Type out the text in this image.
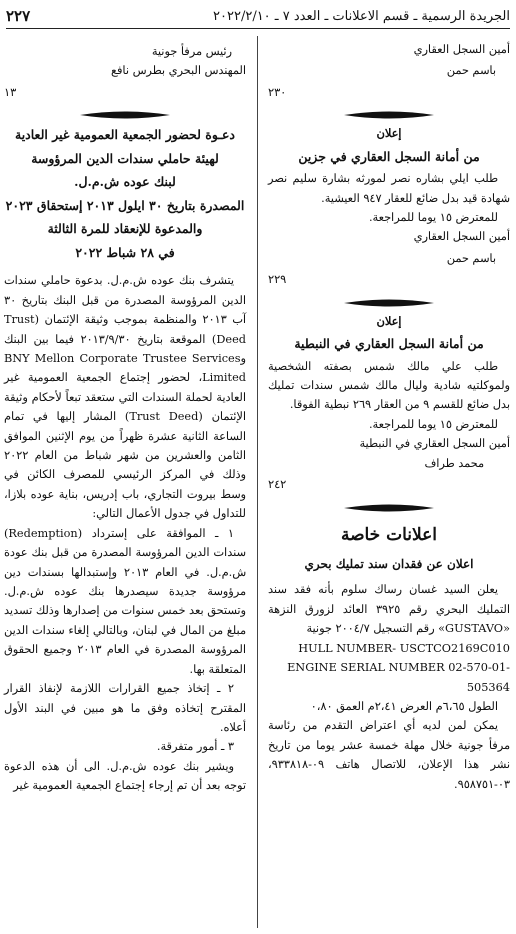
الجريدة الرسمية ـ قسم الاعلانات ـ العدد ٧ ـ ٢٠٢٢/٢/١٠
٢٢٧

أمين السجل العقاري

باسم حمن

٢٣٠

إعلان

من أمانة السجل العقاري في جزين

طلب ايلي بشاره نصر لمورثه بشارة سليم نصر شهادة قيد بدل ضائع للعقار ٩٤٧ العيشية.

للمعترض ١٥ يوما للمراجعة.

أمين السجل العقاري

باسم حمن

٢٢٩

إعلان

من أمانة السجل العقاري في النبطية

طلب علي مالك شمس بصفته الشخصية ولموكلتيه شادية وليال مالك شمس سندات تمليك بدل ضائع للقسم ٩ من العقار ٢٦٩ نبطية الفوقا.

للمعترض ١٥ يوما للمراجعة.

أمين السجل العقاري في النبطية

محمد طراف

٢٤٢

اعلانات خاصة

اعلان عن فقدان سند تمليك بحري

يعلن السيد غسان رساك سلوم بأنه فقد سند التمليك البحري رقم ٣٩٢٥ العائد لزورق النزهة «GUSTAVO» رقم التسجيل ٢٠٠٤/٧ جونية

HULL NUMBER- USCTCO2169C010

ENGINE SERIAL NUMBER 02-570-01-505364

الطول ٦،٦٥م العرض ٢،٤١م العمق ٠،٨٠

يمكن لمن لديه أي اعتراض التقدم من رئاسة مرفأ جونية خلال مهلة خمسة عشر يوما من تاريخ نشر هذا الإعلان، للاتصال هاتف ٠٩-٩٣٣٨١٨، ٠٣-٩٥٨٧٥١.

رئيس مرفأ جونية

المهندس البحري بطرس نافع

١٣

دعـوة لحضور الجمعية العمومية غير العادية

لهيئة حاملي سندات الدين المرؤوسة

لبنك عوده ش.م.ل.

المصدرة بتاريخ ٣٠ ايلول ٢٠١٣ إستحقاق ٢٠٢٣

والمدعوة للإنعقاد للمرة الثالثة

في ٢٨ شباط ٢٠٢٢

يتشرف بنك عوده ش.م.ل. بدعوة حاملي سندات الدين المرؤوسة المصدرة من قبل البنك بتاريخ ٣٠ آب ٢٠١٣ والمنظمة بموجب وثيقة الإئتمان (Trust Deed) الموقعة بتاريخ ٢٠١٣/٩/٣٠ فيما بين البنك وBNY Mellon Corporate Trustee Services Limited، لحضور إجتماع الجمعية العمومية غير العادية لحملة السندات التي ستعقد تبعاً لأحكام وثيقة الإئتمان (Trust Deed) المشار إليها في تمام الساعة الثانية عشرة ظهراً من يوم الإثنين الموافق الثامن والعشرين من شهر شباط من العام ٢٠٢٢ وذلك في المركز الرئيسي للمصرف الكائن في وسط بيروت التجاري، باب إدريس، بناية عوده بلازا، للتداول في جدول الأعمال التالي:

١ ـ الموافقة على إسترداد (Redemption) سندات الدين المرؤوسة المصدرة من قبل بنك عودة ش.م.ل. في العام ٢٠١٣ وإستبدالها بسندات دين مرؤوسة جديدة سيصدرها بنك عوده ش.م.ل. وتستحق بعد خمس سنوات من إصدارها وذلك تسديد مبلغ من المال في لبنان، وبالتالي إلغاء سندات الدين المرؤوسة المصدرة في العام ٢٠١٣ وجميع الحقوق المتعلقة بها.

٢ ـ إتخاذ جميع القرارات اللازمة لإنفاذ القرار المقترح إتخاذه وفق ما هو مبين في البند الأول أعلاه.

٣ ـ أمور متفرقة.

ويشير بنك عوده ش.م.ل. الى أن هذه الدعوة توجه بعد أن تم إرجاء إجتماع الجمعية العمومية غير
